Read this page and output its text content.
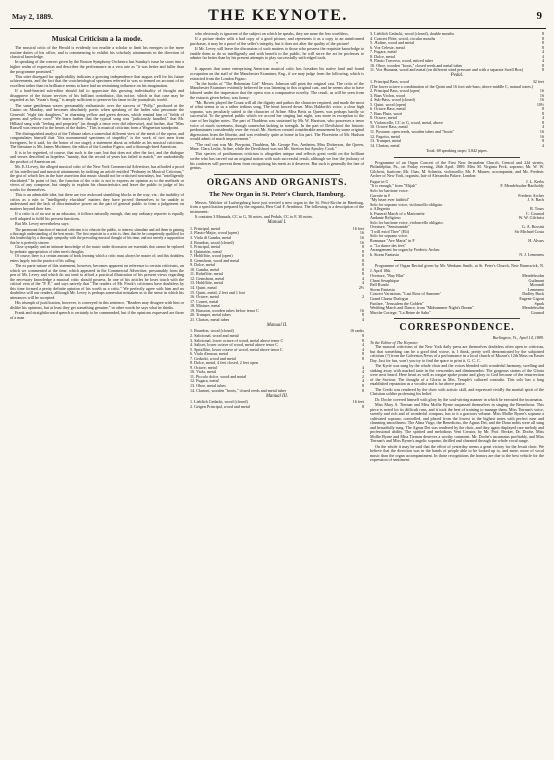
May 2, 1889.	THE KEYNOTE.	9
Musical Criticism a la mode.

The musical critic of the Herald is evidently too erudite a scholar to limit his energies to the mere routine duties of his office, and is commencing to exhibit his scholarly attainments in the direction of classical knowledge.

In speaking of the concert given by the Boston Symphony Orchestra last Sunday's issue he soars into a higher realm of expression and describes the performance as a vera arte as "it was better and fuller than the programme promised."

This utter disregard for applicability indicates a growing independence that augurs well for his future achievements, and the fact that the crotchetological specimen referred to was so termed on account of its excellent rather than its brilliance seems to have had no restraining influence on his imagination.

If a hard-hearted sub-editor should fail to appreciate this growing individuality of thought and disapprove of the future services of his brilliant contributor, this notice, which in that case may be regarded as his "Swan's Song," is amply sufficient to preserve his fame in the journalistic world.

The same gentleman waxes presumably enthusiastic over the success of "Polly," produced at the Casino on Monday, and becomes absolutely poetic when speaking of the ladies who personate the Generals' "eight fair daughters," in charming yellow and green dresses, which remind him of "fields of greens and yellow corn!" We learn further that the typical song was "judiciously handled," that Mr. Hilliard sang with "feeling and propriety" (as though a tenor ever did otherwise), and further, that "Miss Russell was restored to the hearts of the dudes." This is musical criticism from a Wagnerian standpoint.

The distinguished analyst of the Tribune takes a somewhat different view of the merit of the opera, and congratulates himself that "this monumental specimen of stupidity" is the work of two men from foreigners, be it said, for the honor of our stage); a statement about as reliable as his musical criticisms. The literature is Mr. James Mortimer, the editor of the London Figaro, and a thorough-bred American.

It is to be regretted, of course, that such is the case, but that does not alter the fact, and the dialogue and verses described as hopeless "inanity, that the record of years has failed to match," are undoubtedly the product of American art.

Mr. E.J.Levey, the alleged musical critic of the New York Commercial Advertiser, has afforded a proof of his intellectual and musical attainments by inditing an article entitled "Pedantry in Musical Criticism," the gist of which lies in the bare assertion that music should not be criticised nowadays, but "intelligently elucidated." In point of fact, the function of the critic is not to express an opinion as to the methods or views of any composer, but simply to explain his characteristics and leave the public to judge of his works for themselves.

This is an admirable idea, but there are two awkward stumbling blocks in the way, viz.: the inability of critics as a rule to "intelligently elucidate" matters they have proved themselves to be unable to understand and the lack of discriminative power on the part of general public to form a judgement on matters beyond their ken.

If a critic is of no use as an educator, it follows naturally enough, that any ordinary reporter is equally well adapted to fulfil his present functions.

But Mr. Levey nevertheless says:

The paramount function of musical criticism is to educate the public, to interest, stimulate and aid them in gaining a thorough understanding of the best music. The first requisite in a critic is, then, that he be competently qualified for this leadership by a thorough sympathy with the prevailing musical thought of his time, and not merely a supposition that he is perfectly sincere.

Close sympathy and an intimate knowledge of the music under discussion are essentials that cannot be replaced by pedantic appropriation of other men's thoughts.

Of course, there is a certain amount of book learning which a critic must always be master of; and this doubtless enters largely into the practice of his calling.

The ex parte nature of this statement, however, becomes apparent on reference to certain criticisms, on which we commented at the time, which appeared in the Commercial Advertiser, presumably from the pen of Mr. Levey and which do not tend to afford a practical illustration of his present views regarding the necessary knowledge a musical critic should possess. In one of his articles he loses touch with the critical vein of the "P. P.," and says naively that "The readers of Mr. Finck's criticisms have doubtless by this time formed a pretty definite opinion of his worth as a critic." We perfectly agree with him and no doubtless will our readers, although Mr. Levey is perhaps somewhat mistaken as to the sense in which his utterances will be accepted.

His triumph of justification, however, is conveyed in this sentence, "Readers may disagree with him or dislike his opinions, but at least they get something genuine," in other words he says what he thinks.

Frank and straightforward speech is certainly to be commended, but if the opinions expressed are those of a man

who obviously is ignorant of the subject on which he speaks, they are none the less worthless.

If a picture dealer sells a bad copy of a good picture, and represents it as a copy to an uninformed purchaser, it may be a proof of the seller's integrity, but it does not alter the quality of the picture!

If Mr. Levey will leave the discussion of such matters to those who possess the requisite knowledge to enable them to do so intelligently and with benefit to the public, he will serve the art he professes to admire far better than by his present attempts to play successfully with edged tools.

*

It appears that some enterprising American musical critic has forsaken his native land and found occupation on the staff of the Manchester Examiner, Eng., if we may judge from the following, which is extracted from the London Figaro:

"In the books of "The Bohemian Girl" Messrs. Johnson still print the original cast. The critic of the Manchester Examiner evidently believed he was listening to this original cast, and he seems also to have labored under the impression that the opera was a comparative novelty. The result, as will be seen from the extracts given below, was funny:

"Mr. Bovett played the Count will all the dignity and pathos the character required, and made the most of what seems to us a rather tedious song, The heart bowed down. Miss Haldorth's voice, a clear high soprano, was peculiarly suited to the character of Arline. Miss Betts as Queen, was perhaps hardly so successful. To the general public which we accord her singing last night, was more in exception to the case of her higher notes. The part of Thaddeus was sustained by Mr. W. Harrison, who possesses a tenor voice of much sweetness, though somewhat lacking in strength. In the part of Devilshoof the historic predominates considerably over the vocal. Mr. Stretton created considerable amusement by some original digressions from the libretto, and was evidently quite at home in his part. The Florestein of Mr. Hudson would admit of much improvement."

"The real cast was Mr. Pierpoint, Thaddeus, Mr. George Fox, Arnheim, Miss Dickerson, the Queen, Mme. Clara Leslie, Arline, while the Devilshoof was not Mr. Stretton but Aynsley Cook."

This species of posthumous criticism is altogether unique and reflects great credit on the brilliant scribe who has carved out an original notion with such successful result, although we fear the jealousy of his confreres will prevent them from recognizing his merit as it deserves. But such is generally the fate of genius.

ORGANS AND ORGANISTS.
The New Organ in St. Peter's Church, Hamburg.

Messrs. Walcker of Ludwigsburg have just erected a new organ in the St. Petri-Kirche in Hamburg, from a specification prepared by the organist, Herr Carl F. Armbrust. The following is a description of the instrument:

It contains 3 Manuals, CC to G, 56 notes, and Pedals, CC to F, 30 notes.

Manual I.
1. Principal, metal	16 feet
2. Flauto-Major, wood (open)	16
3. Viola di Gamba, metal	16
4. Bourdon, wood (closed)	16
5. Principal, metal	8
6. Quintatön, metal	8
7. Hohlflöte, wood (open)	8
8. Gemshorn, wood and metal	8
9. Dolce, metal	8
10. Gamba, metal	8
11. Rohrflöte, metal	8
12. Gemshorn, metal	4
13. Hohlflöte, metal	4
14. Quint, metal	2⅔
15. Quint, metal, 2 feet and 1 foot
16. Octave, metal	2
17. Cornet, metal
18. Mixture, metal
19. Bassoon, wooden tubes below tenor C	16
20. Trumpet, metal tubes	8
21. Clarion, metal tubes	4
Manual II.
1. Bourdon, wood (closed)	16 ranks
2. Salicional, wood and metal	8
3. Salicional, lower octave of wood, metal above tenor C	8
4. Salicet, lower octave of wood, metal above tenor C	4
5. Spitzflöte, lower octave of wood, metal above tenor C	4
6. Viola d'amour, metal	8
7. Gedackt, wood and metal	8
8. Dolce, metal, 4 feet closed, 2 feet open
9. Octave, metal	4
10. Viola, metal	4
11. Piccolo dolce, wood and metal	2
12. Fugara, metal	4
13. Oboe, metal tubes	8
14. Clarinet, wooden "boots," closed reeds and metal tubes	8
Manual III.
1. Lieblich Gedackt, wood (closed)	16 feet
2. Geigen Principal, wood and metal	8
3. Lieblich Gedackt, wood (closed), double mouths	8
4. Concert Flöte, wood, circular mouths	8
5. Æoline, wood and metal	8
6. Vox Celeste, metal	8
7. Fugara, metal	4
8. Dolce, metal	4
9. Flauto Traverso, wood, mitred tubes	4
10. Oboe, wooden "boots," closed reeds and metal tubes	8
11. Vox Humana, wood and metal (on different wind pressure and with a separate Swell Box)	8
Pedal.
1. Principal Bass, wood	32 feet
(The lower octave a combination of the Quint and 16 foot sub-bass; above middle C, natural tones.)
2. Principal Bass, wood (open)	16
3. Bass Violon, wood	16
4. Sub-Bass, wood (closed)	16
5. Quint, wood (open)	10⅔
6. Octave Bass, metal	8
7. Bass Flute, wood	8
8. Octave, metal	4
9. Violoncello, CC to G, wood, metal, above	8
10. Octave Bass, metal	4
11. Posaune, open reeds, wooden tubes and "boots"	16
12. Fagotto, metal	16
13. Trumpet, metal	8
14. Clarion, metal	4
Total, 68 speaking stops; 3,842 pipes.

Programme of an Organ Concert of the First New Jerusalem Church, Central and 22d streets, Philadelphia, Pa., on Friday evening, 26th April, 1889. Miss M. Virginia Peck, soprano; Mr. W. W. Gilchrist, baritone; Mr. Chas. M. Schmitz, violoncello; Mr. F. Maurer, accompanist, and Mr. Frederic Archer of New York, organist, late of Alexandra Palace, London:

Fugue in G	J. L. Krebs
"It is enough," from "Elijah"	F. Mendelssohn-Bartholdy
Solo for baritone voice.
Gavotte in F	Frederic Archer
"My heart ever faithful"	J. S. Bach
Solo for soprano voice, violoncello obligato.
a. Allegretto	B. Tours
b. Funeral March of a Marionette	C. Gounod
Andante Religioso	W. W. Gilchrist
Solo for baritone voice, violoncello obligato.
Overture, "Semiramide"	G. A. Rossini
"I will extol Thee" (Eli)	Sir Michael Costa
Solo for soprano voice.
Romanza "Ave Maria" in F	H. Alvars
a. "La dance des fees"
Arrangement for organ by Frederic Archer.
b. Storm Fantasia	N. J. Lemmens

Programme of Organ Recital given by Mr. Wenham Smith, at St. Peter's Church, New Brunswick, N. J. April 18th.

Overture, "Ruy Blas"	Mendelssohn
Chant Seraphique	Guilmant
Bell Rondo	Morandi
Storm Fantasia	Lemmens
Concert Variations, "Last Rose of Summer"	Dudley Buck
Grand Chœur Dialogue	Eugene Gigout
Funfare, "Jerusalem the Golden"	Spark
Wedding March and Dance, from "Midsummer Night's Dream"	Mendelssohn
Marche Cortege, "La Reine de Saba"	Gounod
CORRESPONDENCE.
Burlington, Vt., April 14, 1889.
To the Editor of The Keynote:

The musical criticisms of the New York daily press are themselves doubtless often open to criticism, but that something can be a good deal worse, is, I think, pretty well demonstrated by the subjoined criticism (?) from the Galveston News of a performance in a local church of Mozart's 12th Mass on Easter Day. Just for fun, won't you try to find the space to print it. G. C. C.

The Kyrie was sung by the whole choir and the voices blended with wonderful harmony, swelling and sinking away with marked taste in the crescendos and diminuendos. The gorgeous strains of the Gloria were next heard. Here heart as well as tongue spoke praise and glory to God because of the resurrection of the Saviour. The thought of a Gloria in Mrs. Temple's cultured contralto. This solo has a long established reputation as a vocalist and is far above praise.

The Credo was rendered by the choir with artistic skill, and expressed vividly the martial spirit of the Christian soldier professing his belief.

Dr. Doche covered himself with glory by the soul-stirring manner in which he executed the incarnatus.

Miss Mary A. Tiernan and Miss Mollie Byrne surpassed themselves in singing the Benedictus. This piece is noted for its difficult runs, and it took the best of training to manage them. Miss Tiernan's voice, sweetly and rich and of wonderful compass, has to it a gracious volume. Miss Mollie Byrne's soprano a cultivated soprano, controlled, and placed from the lowest to the highest notes with perfect ease and charming smoothness. The Alma Virgo, the Benedictus, the Agnus Dei, and the Dona nobis were all sung and beautifully sung. The Agnus Dei was rendered by the choir, and they again displayed rare melody and professional ability. The spirited and melodious Veni Creator, by Mr. Prof. Becker, Dr. Doche, Miss Mollie Byrne and Miss Tiernan deserves a worthy comment. Mr. Doche's incarnatus profitably, and Miss Tiernan's and Miss Byrne's angelic soprano, thrilled and charmed through the whole vocal range.

On the whole it may be said that the effort of yesterday seems a great victory for the Jesuit choir. We believe that the direction was in the hands of people able to be looked up to, and more, more of vocal music than the organ accompaniment. In those recognitions the honors are due to the best vehicle for the expression of sentiment.
